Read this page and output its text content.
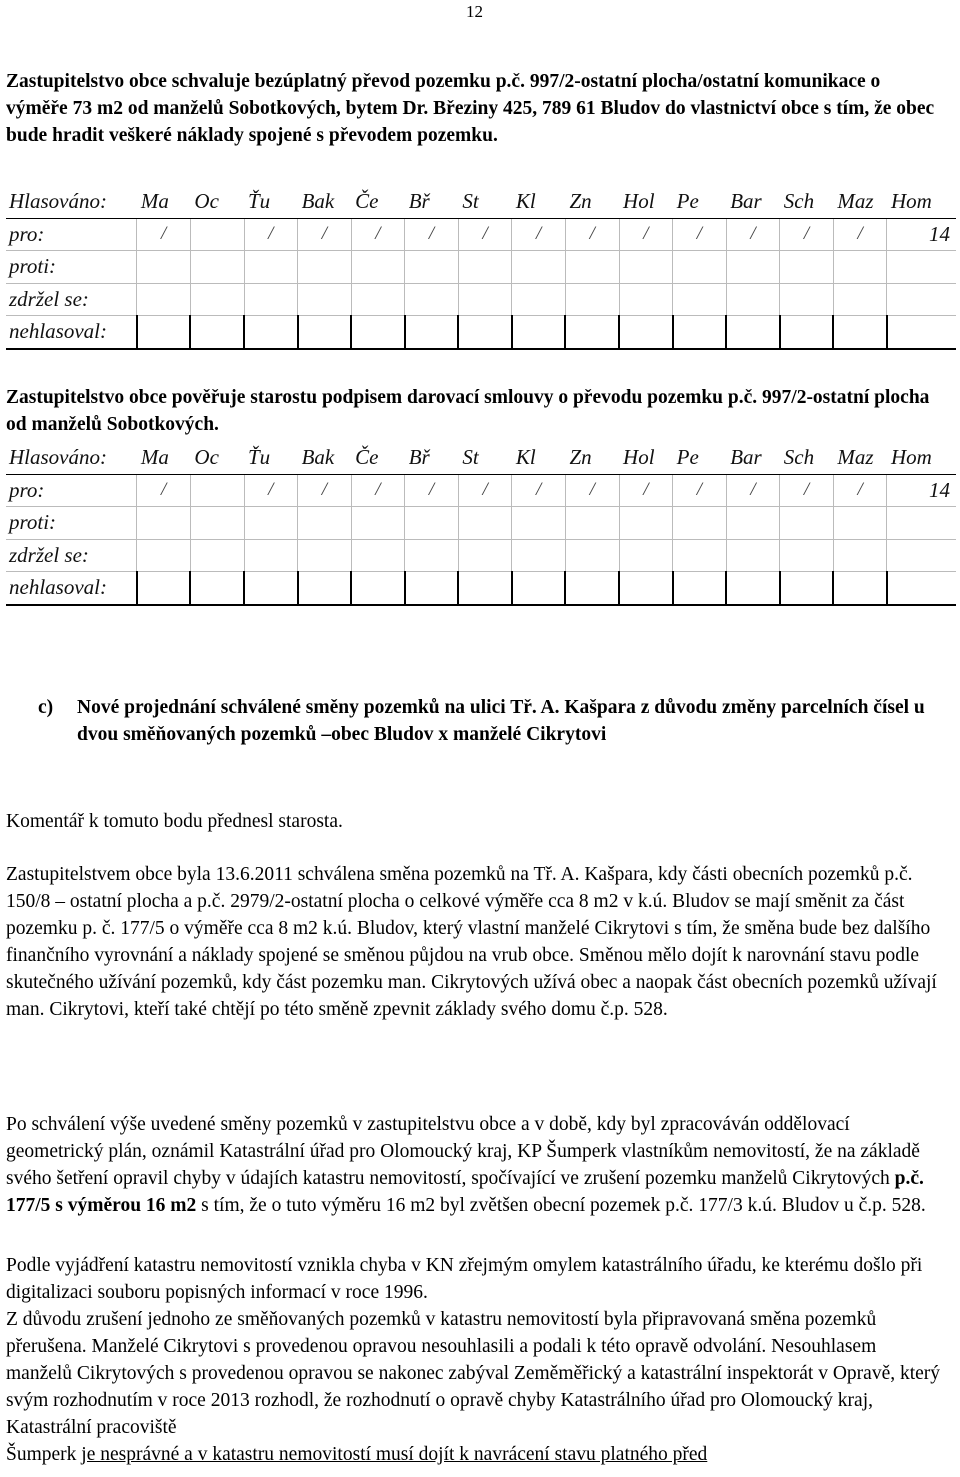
12

Zastupitelstvo obce schvaluje bezúplatný převod pozemku p.č. 997/2-ostatní plocha/ostatní komunikace o výměře 73 m2 od manželů Sobotkových, bytem Dr. Březiny 425, 789 61 Bludov do vlastnictví obce s tím, že obec bude hradit veškeré náklady spojené s převodem pozemku.

Hlasováno:	Ma	Oc	Ťu	Bak	Če	Bř	St	Kl	Zn	Hol	Pe	Bar	Sch	Maz	Hom
pro:	/		/	/	/	/	/	/	/	/	/	/	/	/	14
proti:															
zdržel se:															
nehlasoval:															

Zastupitelstvo obce pověřuje starostu podpisem darovací smlouvy o převodu pozemku p.č. 997/2-ostatní plocha od manželů Sobotkových.

Hlasováno:	Ma	Oc	Ťu	Bak	Če	Bř	St	Kl	Zn	Hol	Pe	Bar	Sch	Maz	Hom
pro:	/		/	/	/	/	/	/	/	/	/	/	/	/	14
proti:															
zdržel se:															
nehlasoval:															
c) Nové projednání schválené směny pozemků na ulici Tř. A. Kašpara z důvodu změny parcelních čísel u dvou směňovaných pozemků –obec Bludov x manželé Cikrytovi

Komentář k tomuto bodu přednesl starosta.

Zastupitelstvem obce byla 13.6.2011 schválena směna pozemků na Tř. A. Kašpara, kdy části obecních pozemků p.č. 150/8 – ostatní plocha a p.č. 2979/2-ostatní plocha o celkové výměře cca 8 m2 v k.ú. Bludov se mají směnit za část pozemku p. č. 177/5 o výměře cca 8 m2 k.ú. Bludov, který vlastní manželé Cikrytovi s tím, že směna bude bez dalšího finančního vyrovnání a náklady spojené se směnou půjdou na vrub obce. Směnou mělo dojít k narovnání stavu podle skutečného užívání pozemků, kdy část pozemku man. Cikrytových užívá obec a naopak část obecních pozemků užívají man. Cikrytovi, kteří také chtějí po této směně zpevnit základy svého domu č.p. 528.

Po schválení výše uvedené směny pozemků v zastupitelstvu obce a v době, kdy byl zpracováván oddělovací geometrický plán, oznámil Katastrální úřad pro Olomoucký kraj, KP Šumperk vlastníkům nemovitostí, že na základě svého šetření opravil chyby v údajích katastru nemovitostí, spočívající ve zrušení pozemku manželů Cikrytových p.č. 177/5 s výměrou 16 m2 s tím, že o tuto výměru 16 m2 byl zvětšen obecní pozemek p.č. 177/3 k.ú. Bludov u č.p. 528.

Podle vyjádření katastru nemovitostí vznikla chyba v KN zřejmým omylem katastrálního úřadu, ke kterému došlo při digitalizaci souboru popisných informací v roce 1996.

Z důvodu zrušení jednoho ze směňovaných pozemků v katastru nemovitostí byla připravovaná směna pozemků přerušena. Manželé Cikrytovi s provedenou opravou nesouhlasili a podali k této opravě odvolání. Nesouhlasem manželů Cikrytových s provedenou opravou se nakonec zabýval Zeměměřický a katastrální inspektorát v Opravě, který svým rozhodnutím v roce 2013 rozhodl, že rozhodnutí o opravě chyby Katastrálního úřad pro Olomoucký kraj, Katastrální pracoviště

Šumperk je nesprávné a v katastru nemovitostí musí dojít k navrácení stavu platného před
